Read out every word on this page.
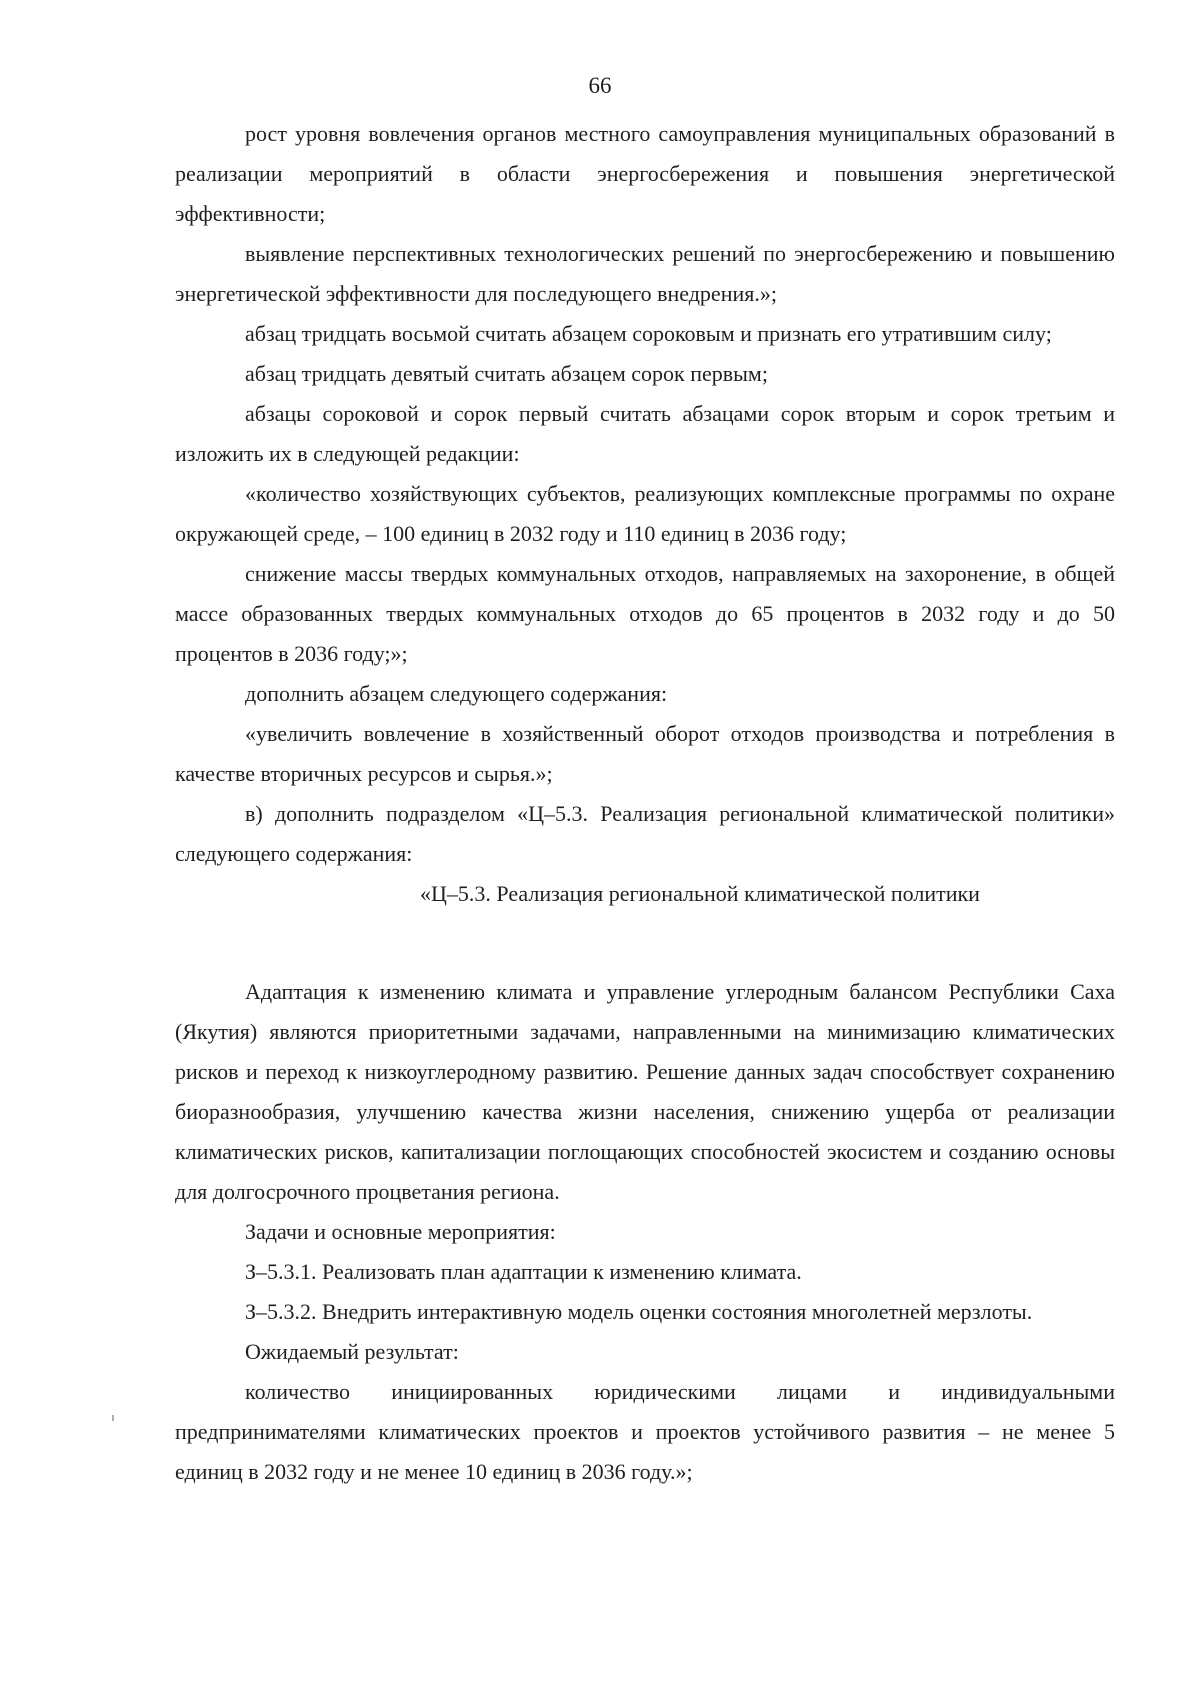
66

рост уровня вовлечения органов местного самоуправления муниципальных образований в реализации мероприятий в области энергосбережения и повышения энергетической эффективности;

выявление перспективных технологических решений по энергосбережению и повышению энергетической эффективности для последующего внедрения.»;

абзац тридцать восьмой считать абзацем сороковым и признать его утратившим силу;

абзац тридцать девятый считать абзацем сорок первым;

абзацы сороковой и сорок первый считать абзацами сорок вторым и сорок третьим и изложить их в следующей редакции:

«количество хозяйствующих субъектов, реализующих комплексные программы по охране окружающей среде, – 100 единиц в 2032 году и 110 единиц в 2036 году;

снижение массы твердых коммунальных отходов, направляемых на захоронение, в общей массе образованных твердых коммунальных отходов до 65 процентов в 2032 году и до 50 процентов в 2036 году;»;

дополнить абзацем следующего содержания:

«увеличить вовлечение в хозяйственный оборот отходов производства и потребления в качестве вторичных ресурсов и сырья.»;

в) дополнить подразделом «Ц–5.3. Реализация региональной климатической политики» следующего содержания:

«Ц–5.3. Реализация региональной климатической политики

Адаптация к изменению климата и управление углеродным балансом Республики Саха (Якутия) являются приоритетными задачами, направленными на минимизацию климатических рисков и переход к низкоуглеродному развитию. Решение данных задач способствует сохранению биоразнообразия, улучшению качества жизни населения, снижению ущерба от реализации климатических рисков, капитализации поглощающих способностей экосистем и созданию основы для долгосрочного процветания региона.

Задачи и основные мероприятия:

З–5.3.1. Реализовать план адаптации к изменению климата.

З–5.3.2. Внедрить интерактивную модель оценки состояния многолетней мерзлоты.

Ожидаемый результат:

количество инициированных юридическими лицами и индивидуальными предпринимателями климатических проектов и проектов устойчивого развития – не менее 5 единиц в 2032 году и не менее 10 единиц в 2036 году.»;
